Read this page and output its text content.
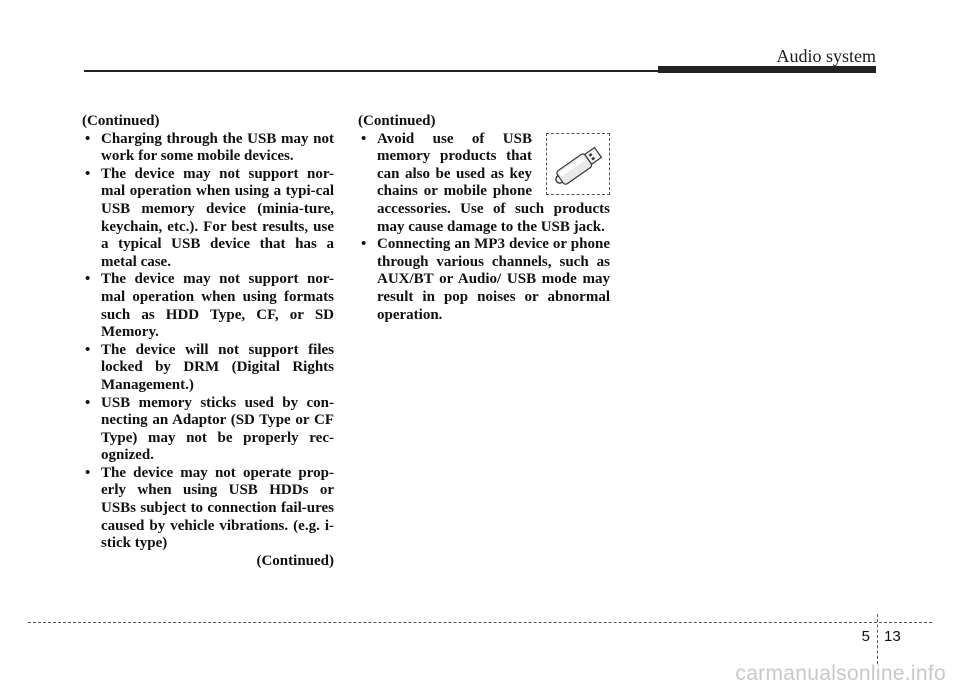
Audio system

(Continued)

• Charging through the USB may not work for some mobile devices.
• The device may not support nor-mal operation when using a typi-cal USB memory device (minia-ture, keychain, etc.). For best results, use a typical USB device that has a metal case.
• The device may not support nor-mal operation when using formats such as HDD Type, CF, or SD Memory.
• The device will not support files locked by DRM (Digital Rights Management.)
• USB memory sticks used by con-necting an Adaptor (SD Type or CF Type) may not be properly rec-ognized.
• The device may not operate prop-erly when using USB HDDs or USBs subject to connection fail-ures caused by vehicle vibrations. (e.g. i-stick type)

(Continued)

(Continued)

• Avoid use of USB memory products that can also be used as key chains or mobile phone accessories. Use of such products may cause damage to the USB jack.
• Connecting an MP3 device or phone through various channels, such as AUX/BT or Audio/ USB mode may result in pop noises or abnormal operation.
5 13
carmanualsonline.info
